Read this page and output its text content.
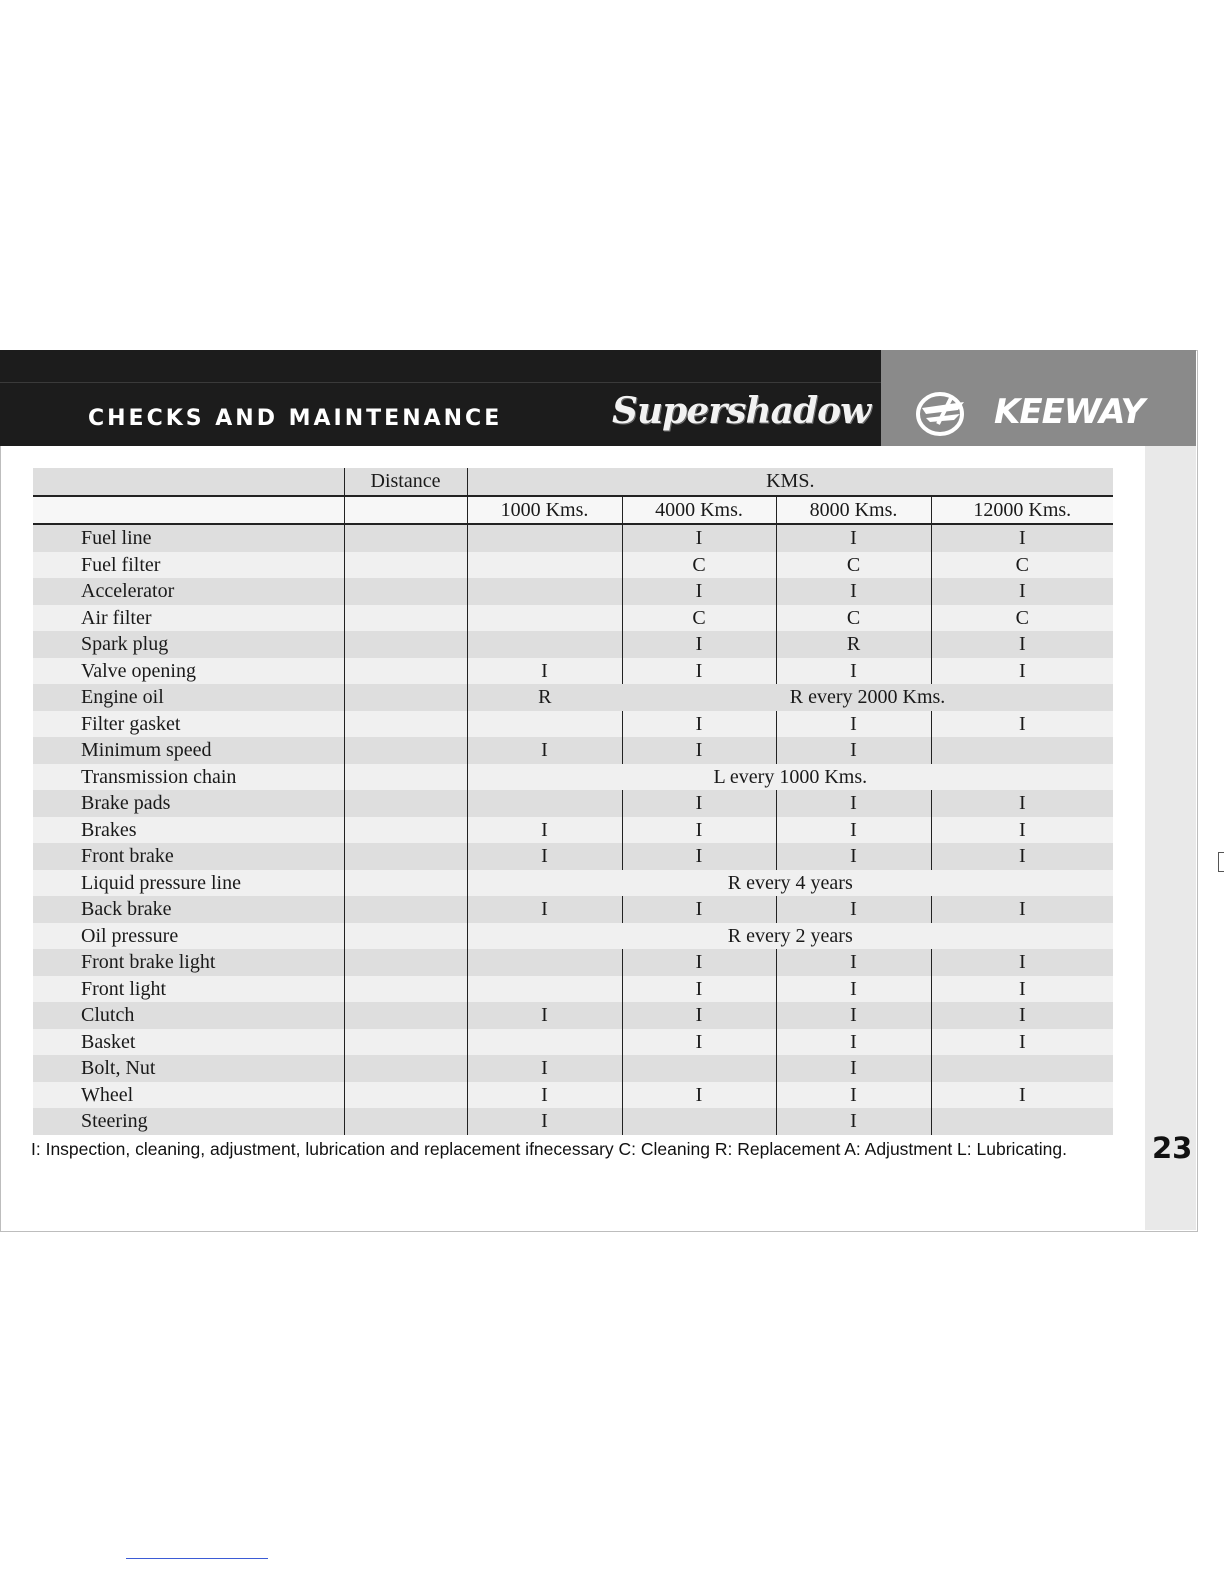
CHECKS AND MAINTENANCE	Supershadow	KEEWAY
	Distance	KMS.			
		1000 Kms.	4000 Kms.	8000 Kms.	12000 Kms.
Fuel line			I	I	I
Fuel filter			C	C	C
Accelerator			I	I	I
Air filter			C	C	C
Spark plug			I	R	I
Valve opening		I	I	I	I
Engine oil		R	R every 2000 Kms.		
Filter gasket			I	I	I
Minimum speed		I	I	I	
Transmission chain		L every 1000 Kms.			
Brake pads			I	I	I
Brakes		I	I	I	I
Front brake		I	I	I	I
Liquid pressure line		R every 4 years			
Back brake		I	I	I	I
Oil pressure		R every 2 years			
Front brake light			I	I	I
Front light			I	I	I
Clutch		I	I	I	I
Basket			I	I	I
Bolt, Nut		I		I	
Wheel		I	I	I	I
Steering		I		I	
I: Inspection, cleaning, adjustment, lubrication and replacement ifnecessary C: Cleaning R: Replacement A: Adjustment L: Lubricating.	23
